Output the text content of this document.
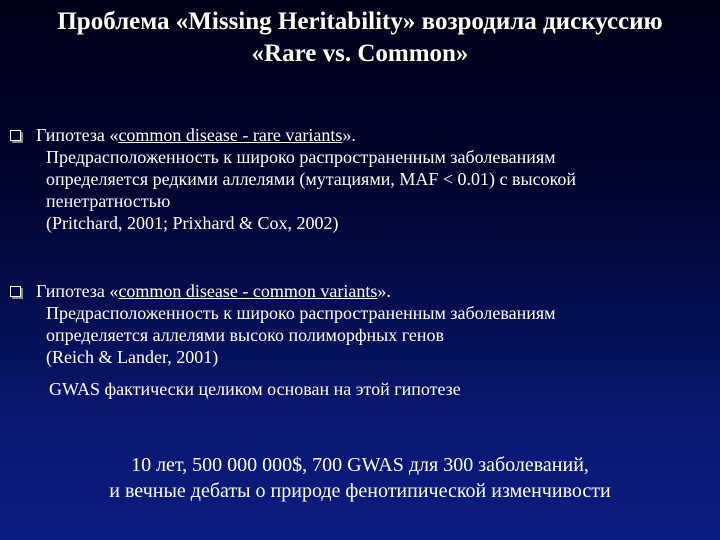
Проблема «Missing Heritability» возродила дискуссию
«Rare vs. Common»
Гипотеза «common disease - rare variants».
Предрасположенность к широко распространенным заболеваниям
определяется редкими аллелями (мутациями, MAF < 0.01) с высокой
пенетратностью
(Pritchard, 2001; Prixhard & Cox, 2002)
Гипотеза «common disease - common variants».
Предрасположенность к широко распространенным заболеваниям
определяется аллелями высоко полиморфных генов
(Reich & Lander, 2001)
GWAS фактически целиком основан на этой гипотезе
10 лет, 500 000 000$, 700 GWAS для 300 заболеваний,
и вечные дебаты о природе фенотипической изменчивости
